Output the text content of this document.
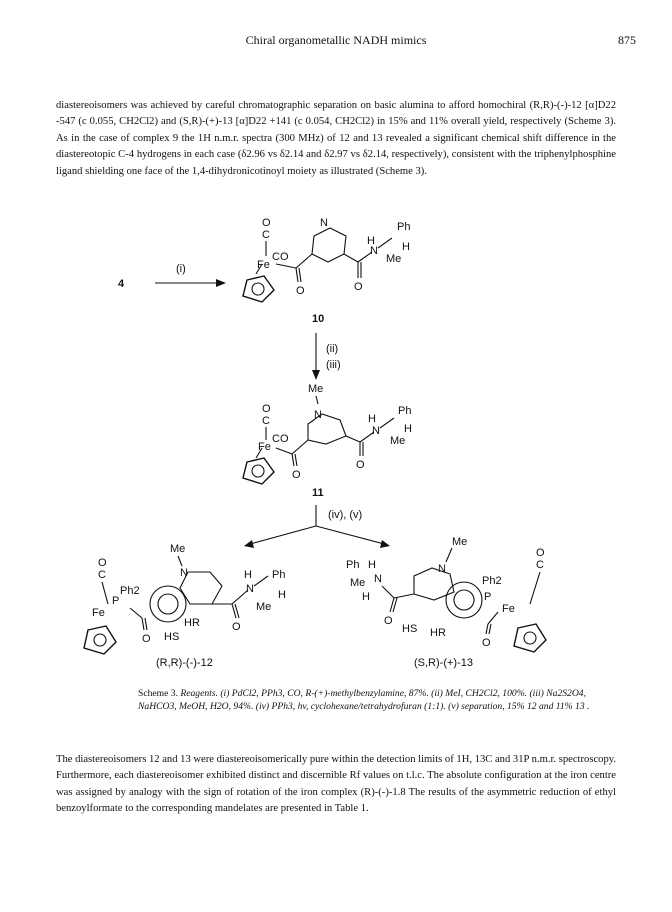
Chiral organometallic NADH mimics	875
diastereoisomers was achieved by careful chromatographic separation on basic alumina to afford homochiral (R,R)-(-)-12 [α]D22 -547 (c 0.055, CH2Cl2) and (S,R)-(+)-13 [α]D22 +141 (c 0.054, CH2Cl2) in 15% and 11% overall yield, respectively (Scheme 3). As in the case of complex 9 the 1H n.m.r. spectra (300 MHz) of 12 and 13 revealed a significant chemical shift difference in the diastereotopic C-4 hydrogens in each case (δ2.96 vs δ2.14 and δ2.97 vs δ2.14, respectively), consistent with the triphenylphosphine ligand shielding one face of the 1,4-dihydronicotinoyl moiety as illustrated (Scheme 3).
4
(i)
O
C
Fe
CO
O
N
O
H
N
Ph
H
Me
10
(ii)
(iii)
Me
N
O
C
Fe
CO
O
O
H
N
Ph
H
Me
11
(iv), (v)
Me
N
O
C
Fe
Ph2
P
O
HR
HS
O
H
N
Ph
H
Me
(R,R)-(-)-12
Me
N
Ph H
Me
H
N
O
HS HR
Ph2
P
Fe
O
C
O
(S,R)-(+)-13
Scheme 3. Reagents. (i) PdCl2, PPh3, CO, R-(+)-methylbenzylamine, 87%. (ii) MeI, CH2Cl2, 100%. (iii) Na2S2O4, NaHCO3, MeOH, H2O, 94%. (iv) PPh3, hv, cyclohexane/tetrahydrofuran (1:1). (v) separation, 15% 12 and 11% 13 .
The diastereoisomers 12 and 13 were diastereoisomerically pure within the detection limits of 1H, 13C and 31P n.m.r. spectroscopy. Furthermore, each diastereoisomer exhibited distinct and discernible Rf values on t.l.c. The absolute configuration at the iron centre was assigned by analogy with the sign of rotation of the iron complex (R)-(-)-1.8 The results of the asymmetric reduction of ethyl benzoylformate to the corresponding mandelates are presented in Table 1.
